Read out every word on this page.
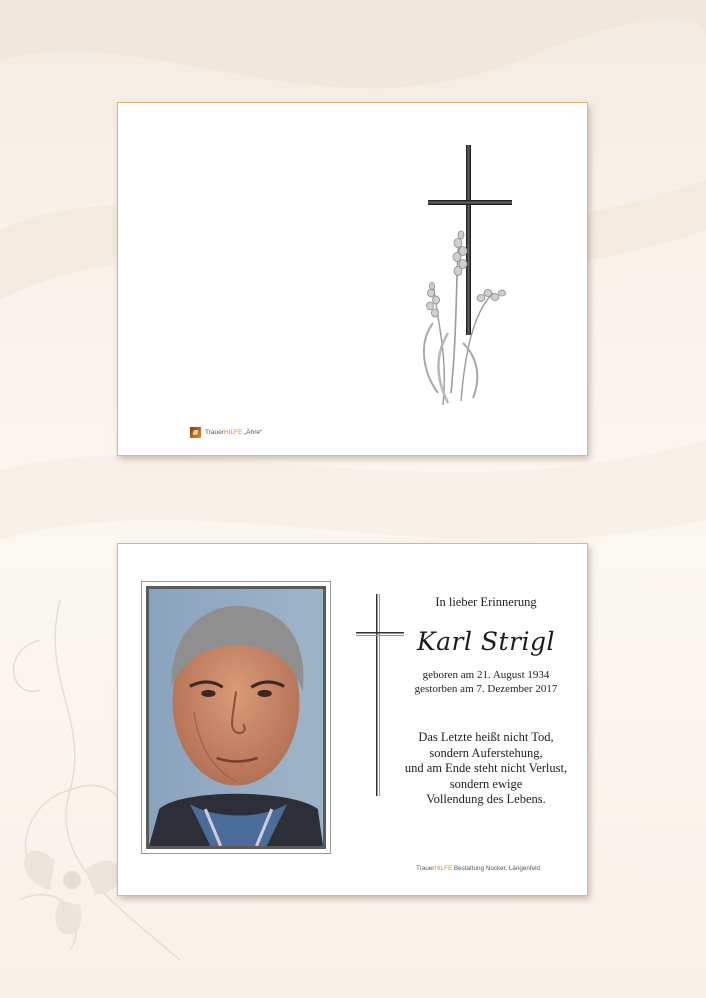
TrauerHILFE „Ähre“
In lieber Erinnerung
Karl Strigl
geboren am 21. August 1934
gestorben am 7. Dezember 2017
Das Letzte heißt nicht Tod,
sondern Auferstehung,
und am Ende steht nicht Verlust,
sondern ewige
Vollendung des Lebens.
TrauerHILFE Bestattung Nocker, Längenfeld
